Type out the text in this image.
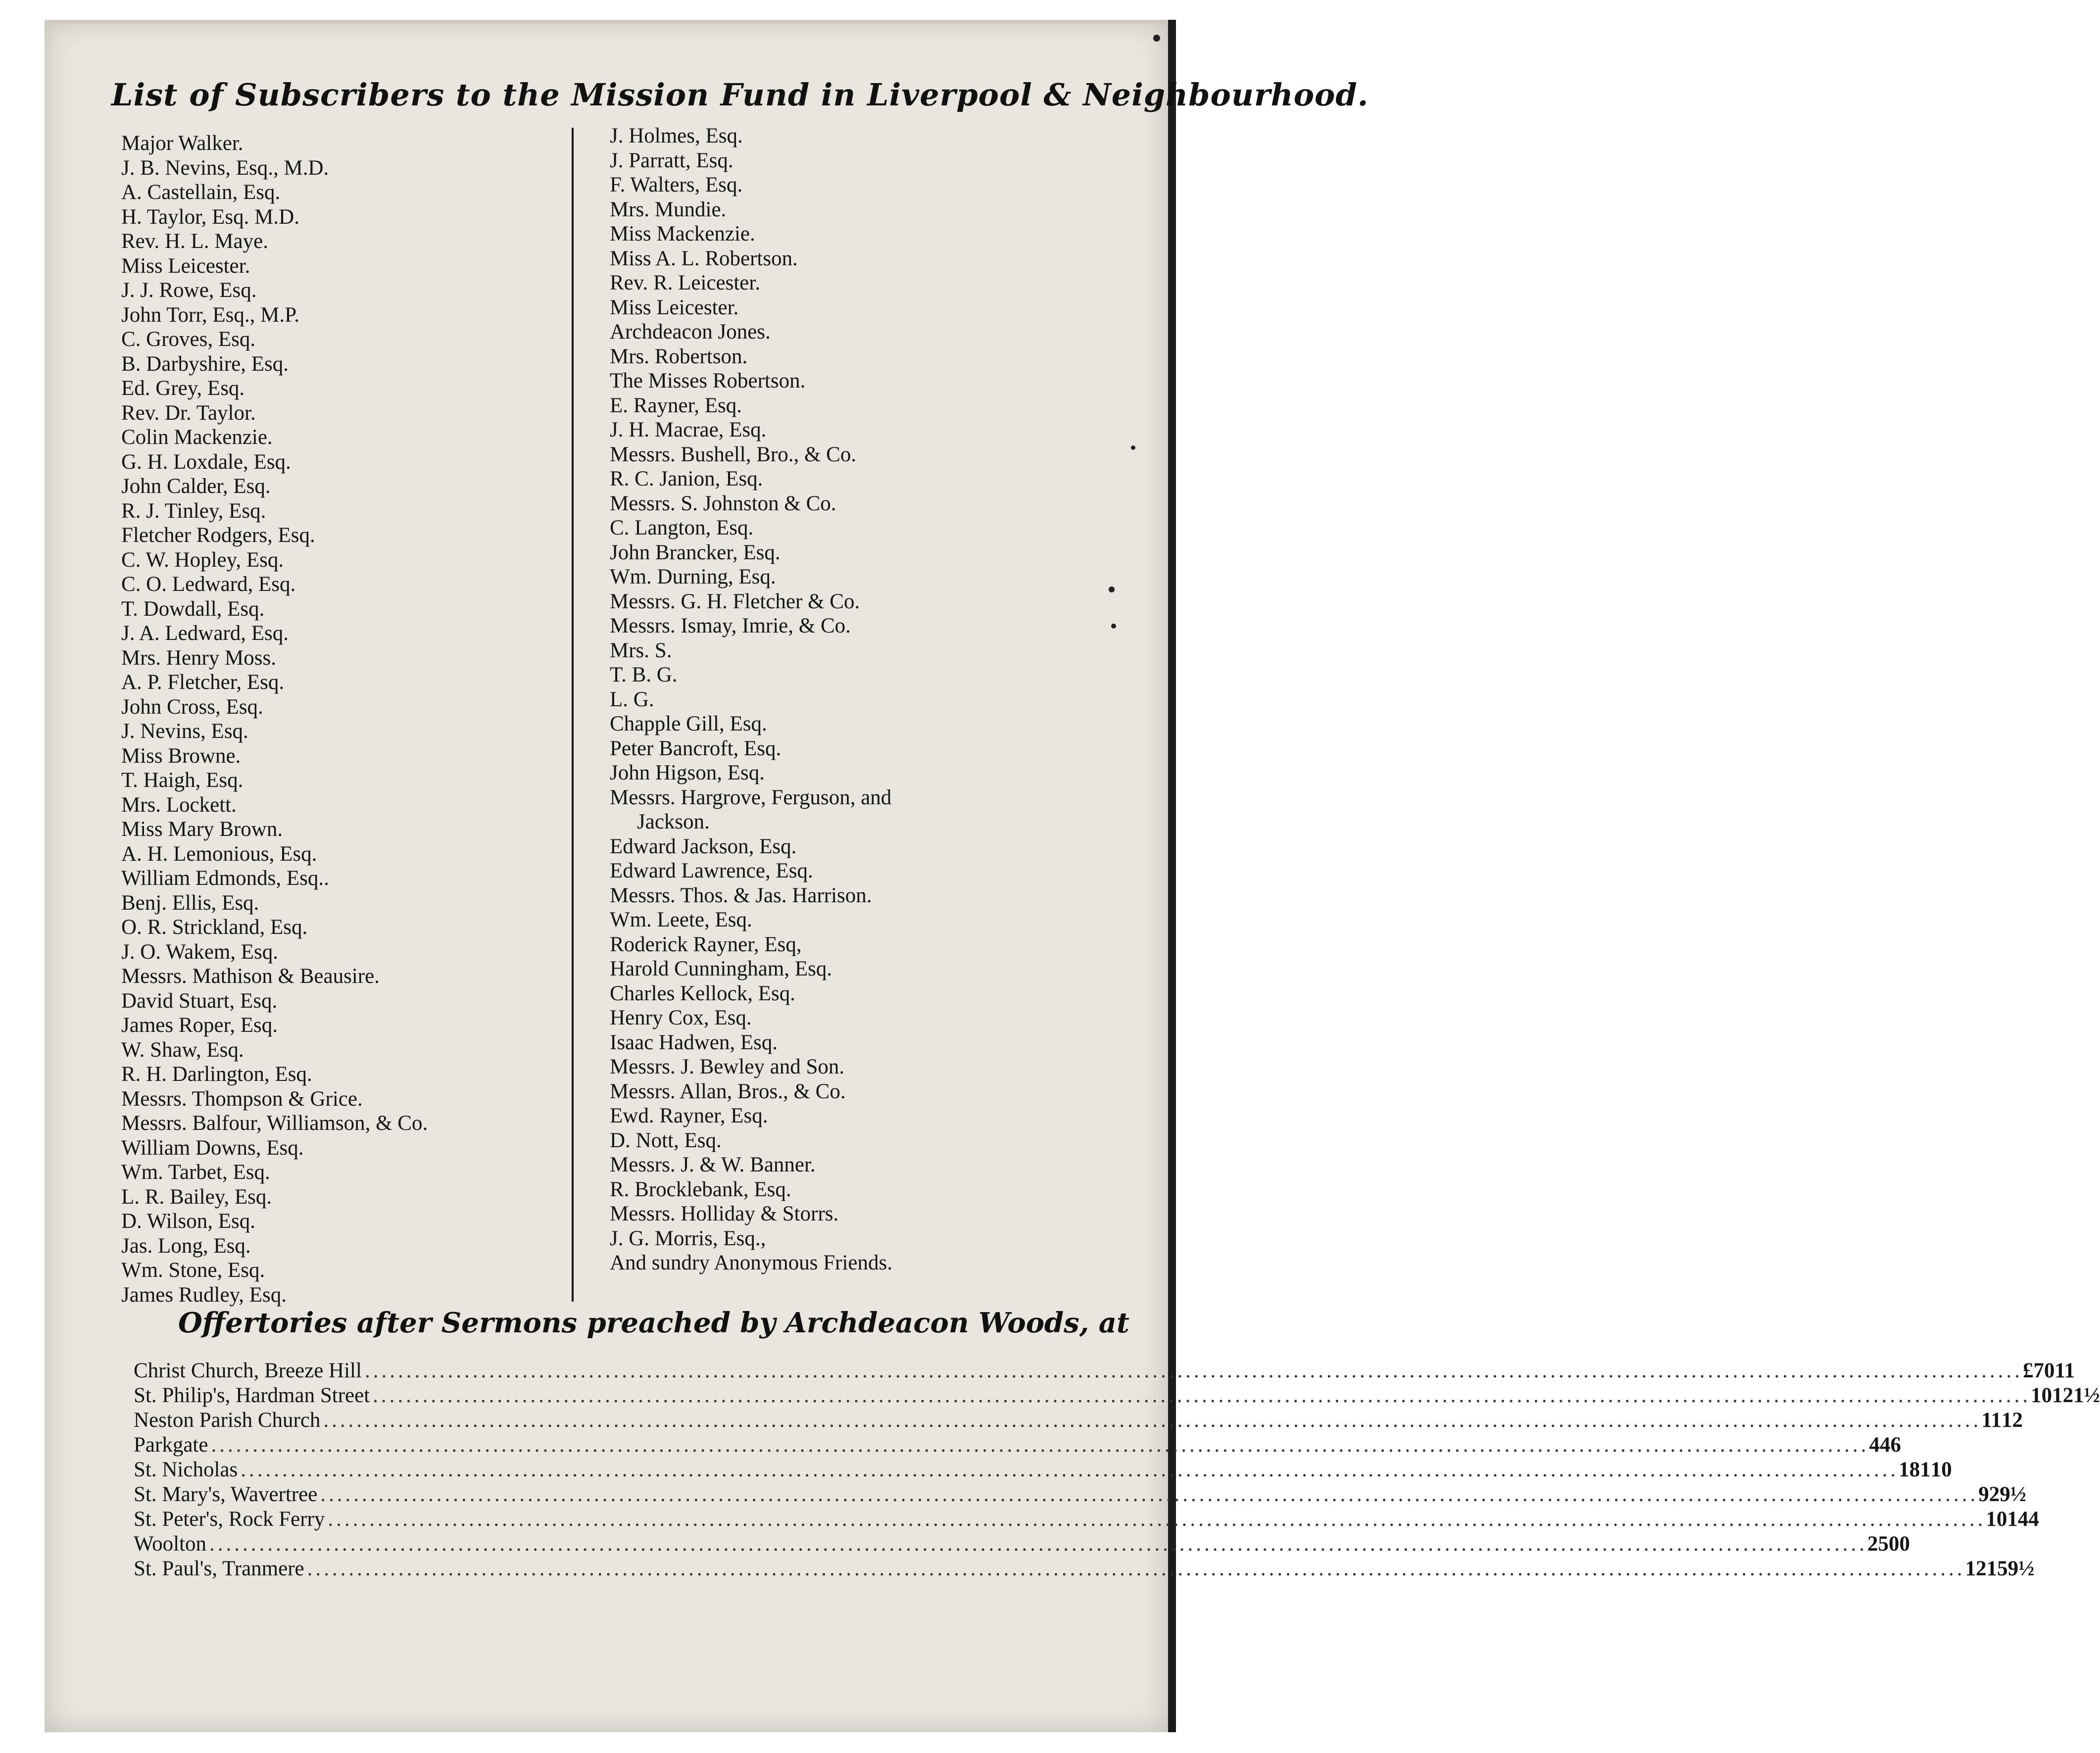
List of Subscribers to the Mission Fund in Liverpool & Neighbourhood.
Major Walker.
J. B. Nevins, Esq., M.D.
A. Castellain, Esq.
H. Taylor, Esq. M.D.
Rev. H. L. Maye.
Miss Leicester.
J. J. Rowe, Esq.
John Torr, Esq., M.P.
C. Groves, Esq.
B. Darbyshire, Esq.
Ed. Grey, Esq.
Rev. Dr. Taylor.
Colin Mackenzie.
G. H. Loxdale, Esq.
John Calder, Esq.
R. J. Tinley, Esq.
Fletcher Rodgers, Esq.
C. W. Hopley, Esq.
C. O. Ledward, Esq.
T. Dowdall, Esq.
J. A. Ledward, Esq.
Mrs. Henry Moss.
A. P. Fletcher, Esq.
John Cross, Esq.
J. Nevins, Esq.
Miss Browne.
T. Haigh, Esq.
Mrs. Lockett.
Miss Mary Brown.
A. H. Lemonious, Esq.
William Edmonds, Esq..
Benj. Ellis, Esq.
O. R. Strickland, Esq.
J. O. Wakem, Esq.
Messrs. Mathison & Beausire.
David Stuart, Esq.
James Roper, Esq.
W. Shaw, Esq.
R. H. Darlington, Esq.
Messrs. Thompson & Grice.
Messrs. Balfour, Williamson, & Co.
William Downs, Esq.
Wm. Tarbet, Esq.
L. R. Bailey, Esq.
D. Wilson, Esq.
Jas. Long, Esq.
Wm. Stone, Esq.
James Rudley, Esq.
J. Holmes, Esq.
J. Parratt, Esq.
F. Walters, Esq.
Mrs. Mundie.
Miss Mackenzie.
Miss A. L. Robertson.
Rev. R. Leicester.
Miss Leicester.
Archdeacon Jones.
Mrs. Robertson.
The Misses Robertson.
E. Rayner, Esq.
J. H. Macrae, Esq.
Messrs. Bushell, Bro., & Co.
R. C. Janion, Esq.
Messrs. S. Johnston & Co.
C. Langton, Esq.
John Brancker, Esq.
Wm. Durning, Esq.
Messrs. G. H. Fletcher & Co.
Messrs. Ismay, Imrie, & Co.
Mrs. S.
T. B. G.
L. G.
Chapple Gill, Esq.
Peter Bancroft, Esq.
John Higson, Esq.
Messrs. Hargrove, Ferguson, and
Jackson.
Edward Jackson, Esq.
Edward Lawrence, Esq.
Messrs. Thos. & Jas. Harrison.
Wm. Leete, Esq.
Roderick Rayner, Esq,
Harold Cunningham, Esq.
Charles Kellock, Esq.
Henry Cox, Esq.
Isaac Hadwen, Esq.
Messrs. J. Bewley and Son.
Messrs. Allan, Bros., & Co.
Ewd. Rayner, Esq.
D. Nott, Esq.
Messrs. J. & W. Banner.
R. Brocklebank, Esq.
Messrs. Holliday & Storrs.
J. G. Morris, Esq.,
And sundry Anonymous Friends.
Offertories after Sermons preached by Archdeacon Woods, at
Christ Church, Breeze Hill ........................................................................................................................................................................................................ £7 0 11
St. Philip's, Hardman Street ........................................................................................................................................................................................................ 10 12 1½
Neston Parish Church ........................................................................................................................................................................................................ 11 1 2
Parkgate ........................................................................................................................................................................................................ 4 4 6
St. Nicholas ........................................................................................................................................................................................................ 18 1 10
St. Mary's, Wavertree ........................................................................................................................................................................................................ 9 2 9½
St. Peter's, Rock Ferry ........................................................................................................................................................................................................ 10 14 4
Woolton ........................................................................................................................................................................................................ 25 0 0
St. Paul's, Tranmere ........................................................................................................................................................................................................ 12 15 9½
